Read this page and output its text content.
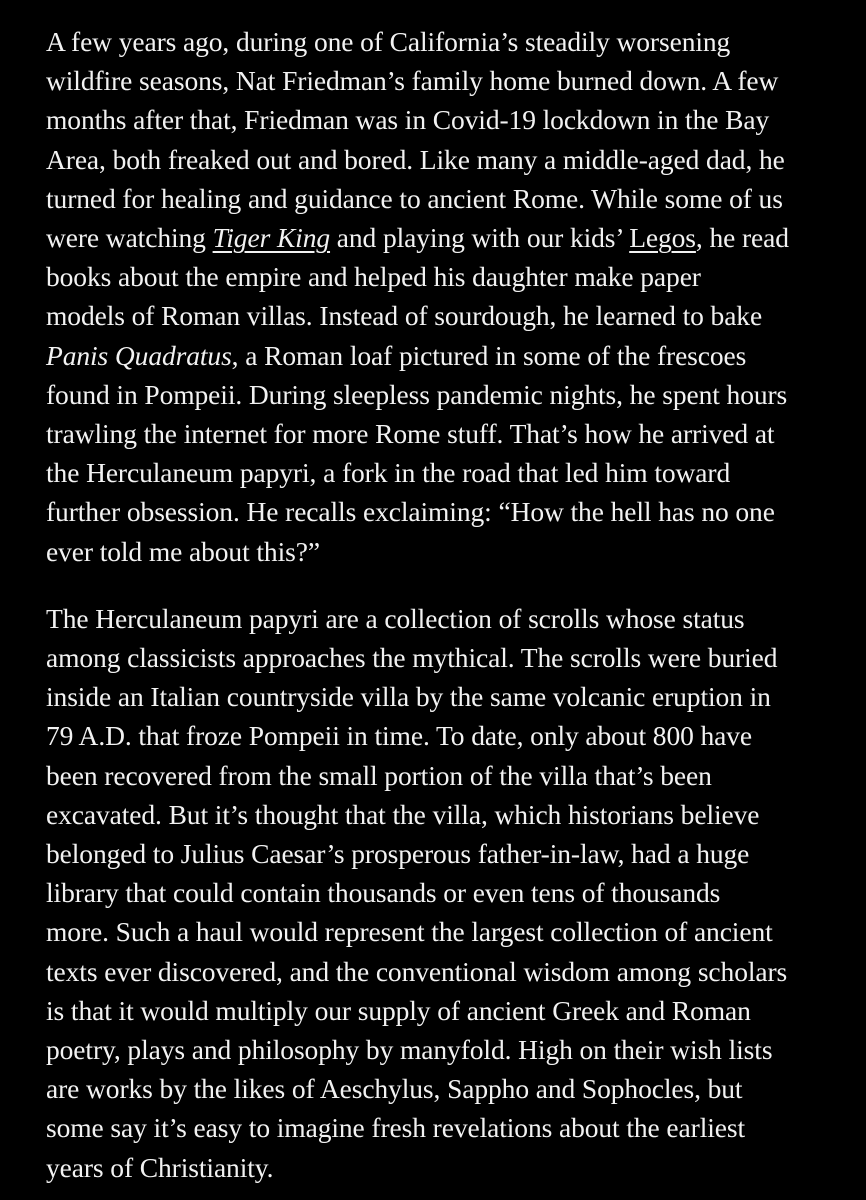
A few years ago, during one of California’s steadily worsening
wildfire seasons, Nat Friedman’s family home burned down. A few
months after that, Friedman was in Covid-19 lockdown in the Bay
Area, both freaked out and bored. Like many a middle-aged dad, he
turned for healing and guidance to ancient Rome. While some of us
were watching Tiger King and playing with our kids’ Legos, he read
books about the empire and helped his daughter make paper
models of Roman villas. Instead of sourdough, he learned to bake
Panis Quadratus, a Roman loaf pictured in some of the frescoes
found in Pompeii. During sleepless pandemic nights, he spent hours
trawling the internet for more Rome stuff. That’s how he arrived at
the Herculaneum papyri, a fork in the road that led him toward
further obsession. He recalls exclaiming: “How the hell has no one
ever told me about this?”

The Herculaneum papyri are a collection of scrolls whose status
among classicists approaches the mythical. The scrolls were buried
inside an Italian countryside villa by the same volcanic eruption in
79 A.D. that froze Pompeii in time. To date, only about 800 have
been recovered from the small portion of the villa that’s been
excavated. But it’s thought that the villa, which historians believe
belonged to Julius Caesar’s prosperous father-in-law, had a huge
library that could contain thousands or even tens of thousands
more. Such a haul would represent the largest collection of ancient
texts ever discovered, and the conventional wisdom among scholars
is that it would multiply our supply of ancient Greek and Roman
poetry, plays and philosophy by manyfold. High on their wish lists
are works by the likes of Aeschylus, Sappho and Sophocles, but
some say it’s easy to imagine fresh revelations about the earliest
years of Christianity.
